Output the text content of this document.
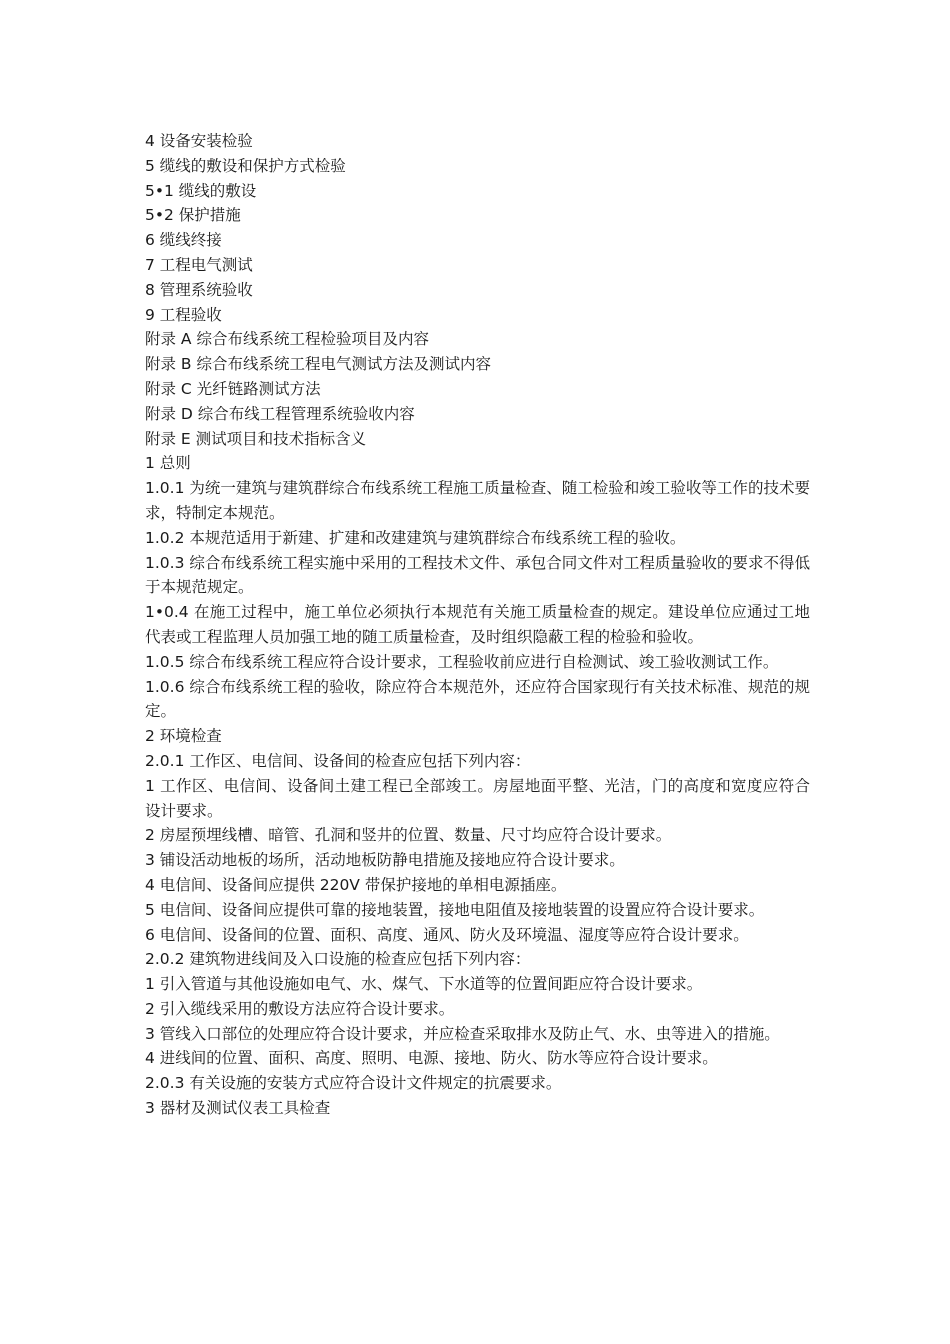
4 设备安装检验

5 缆线的敷设和保护方式检验

5•1 缆线的敷设

5•2 保护措施

6 缆线终接

7 工程电气测试

8 管理系统验收

9 工程验收

附录 A 综合布线系统工程检验项目及内容

附录 B 综合布线系统工程电气测试方法及测试内容

附录 C 光纤链路测试方法

附录 D 综合布线工程管理系统验收内容

附录 E 测试项目和技术指标含义

1 总则

1.0.1 为统一建筑与建筑群综合布线系统工程施工质量检查、随工检验和竣工验收等工作的技术要求，特制定本规范。

1.0.2 本规范适用于新建、扩建和改建建筑与建筑群综合布线系统工程的验收。

1.0.3 综合布线系统工程实施中采用的工程技术文件、承包合同文件对工程质量验收的要求不得低于本规范规定。

1•0.4 在施工过程中，施工单位必须执行本规范有关施工质量检查的规定。建设单位应通过工地代表或工程监理人员加强工地的随工质量检查，及时组织隐蔽工程的检验和验收。

1.0.5 综合布线系统工程应符合设计要求，工程验收前应进行自检测试、竣工验收测试工作。

1.0.6 综合布线系统工程的验收，除应符合本规范外，还应符合国家现行有关技术标准、规范的规定。

2 环境检查

2.0.1 工作区、电信间、设备间的检查应包括下列内容：

1 工作区、电信间、设备间土建工程已全部竣工。房屋地面平整、光洁，门的高度和宽度应符合设计要求。

2 房屋预埋线槽、暗管、孔洞和竖井的位置、数量、尺寸均应符合设计要求。

3 铺设活动地板的场所，活动地板防静电措施及接地应符合设计要求。

4 电信间、设备间应提供 220V 带保护接地的单相电源插座。

5 电信间、设备间应提供可靠的接地装置，接地电阻值及接地装置的设置应符合设计要求。

6 电信间、设备间的位置、面积、高度、通风、防火及环境温、湿度等应符合设计要求。

2.0.2 建筑物进线间及入口设施的检查应包括下列内容：

1 引入管道与其他设施如电气、水、煤气、下水道等的位置间距应符合设计要求。

2 引入缆线采用的敷设方法应符合设计要求。

3 管线入口部位的处理应符合设计要求，并应检查采取排水及防止气、水、虫等进入的措施。

4 进线间的位置、面积、高度、照明、电源、接地、防火、防水等应符合设计要求。

2.0.3 有关设施的安装方式应符合设计文件规定的抗震要求。

3 器材及测试仪表工具检查
